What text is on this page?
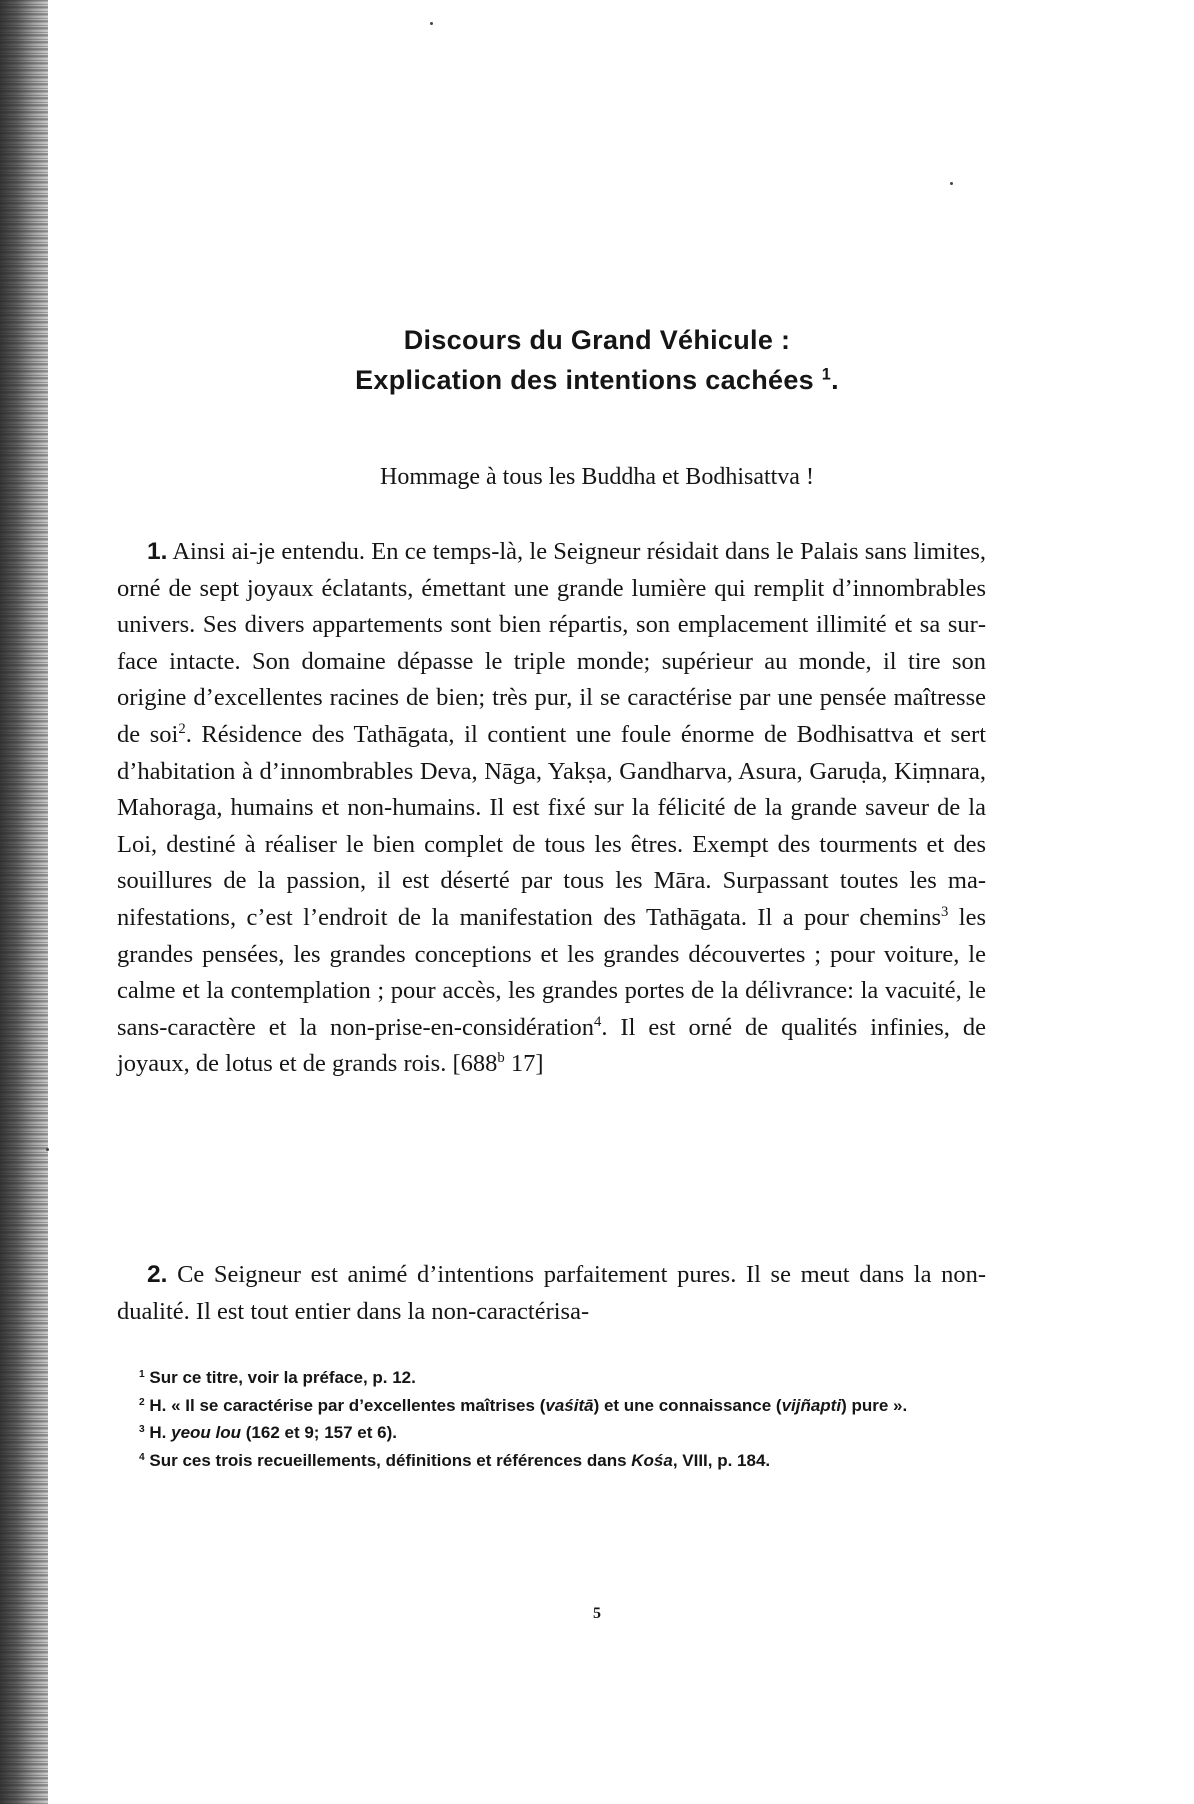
Discours du Grand Véhicule :
Explication des intentions cachées $^1$.
Hommage à tous les Buddha et Bodhisattva !
1. Ainsi ai-je entendu. En ce temps-là, le Seigneur résidait dans le Palais sans limites, orné de sept joyaux éclatants, émettant une grande lumière qui remplit d’innombrables univers. Ses divers appartements sont bien répartis, son emplacement illimité et sa surface intacte. Son domaine dépasse le triple monde; supérieur au monde, il tire son origine d’excellentes racines de bien; très pur, il se caractérise par une pensée maîtresse de soi$^2$. Résidence des Tathāgata, il contient une foule énorme de Bodhisattva et sert d’habitation à d’innombrables Deva, Nāga, Yakṣa, Gandharva, Asura, Garuḍa, Kiṃnara, Mahoraga, humains et non-humains. Il est fixé sur la félicité de la grande saveur de la Loi, destiné à réaliser le bien complet de tous les êtres. Exempt des tourments et des souillures de la passion, il est déserté par tous les Māra. Surpassant toutes les manifestations, c’est l’endroit de la manifestation des Tathāgata. Il a pour chemins$^3$ les grandes pensées, les grandes conceptions et les grandes découvertes ; pour voiture, le calme et la contemplation ; pour accès, les grandes portes de la délivrance: la vacuité, le sans-caractère et la non-prise-en-considération$^4$. Il est orné de qualités infinies, de joyaux, de lotus et de grands rois. [688$^b$ 17]
2. Ce Seigneur est animé d’intentions parfaitement pures. Il se meut dans la non-dualité. Il est tout entier dans la non-caractérisa-

$^1$ Sur ce titre, voir la préface, p. 12.

$^2$ H. « Il se caractérise par d’excellentes maîtrises (vaśitā) et une connaissance (vijñapti) pure ».

$^3$ H. yeou lou (162 et 9; 157 et 6).

$^4$ Sur ces trois recueillements, définitions et références dans Kośa, VIII, p. 184.

5
